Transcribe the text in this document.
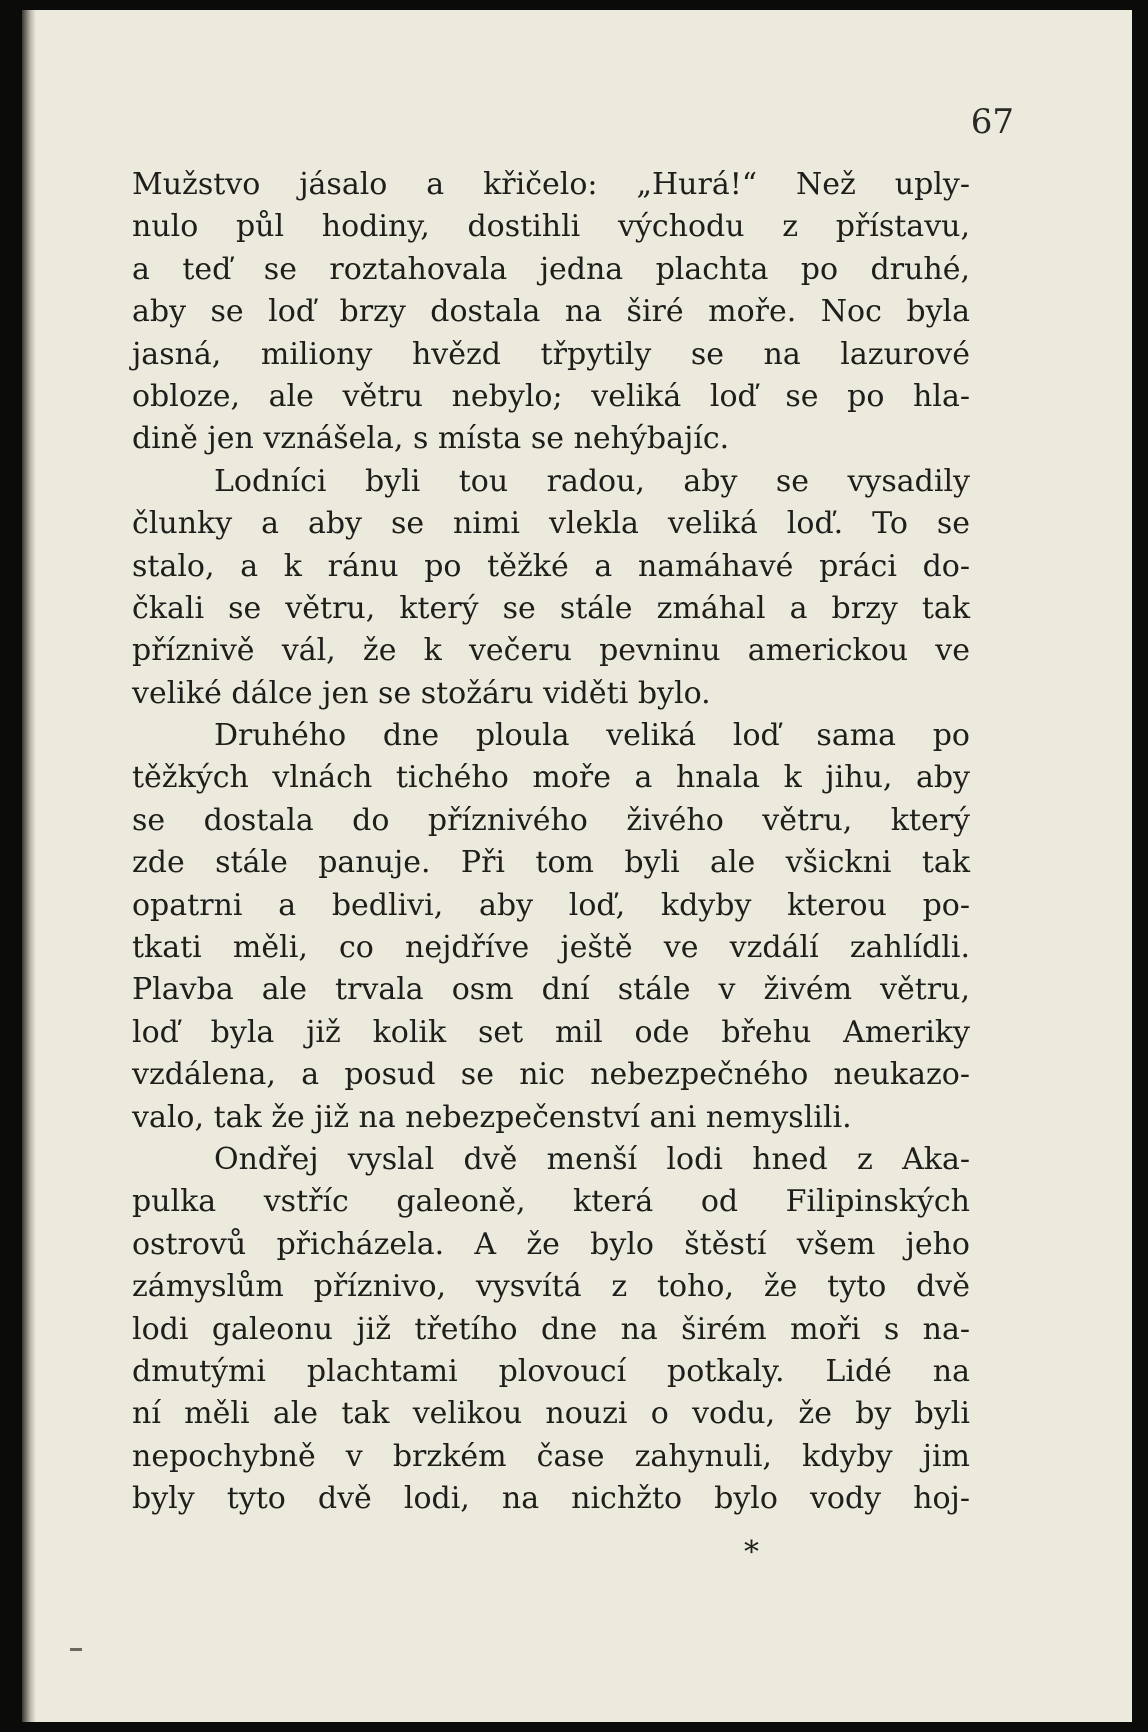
67
Mužstvo jásalo a křičelo: „Hurá!“ Než uply-
nulo půl hodiny, dostihli východu z přístavu,
a teď se roztahovala jedna plachta po druhé,
aby se loď brzy dostala na širé moře. Noc byla
jasná, miliony hvězd třpytily se na lazurové
obloze, ale větru nebylo; veliká loď se po hla-
dině jen vznášela, s místa se nehýbajíc.
Lodníci byli tou radou, aby se vysadily
člunky a aby se nimi vlekla veliká loď. To se
stalo, a k ránu po těžké a namáhavé práci do-
čkali se větru, který se stále zmáhal a brzy tak
příznivě vál, že k večeru pevninu americkou ve
veliké dálce jen se stožáru viděti bylo.
Druhého dne ploula veliká loď sama po
těžkých vlnách tichého moře a hnala k jihu, aby
se dostala do příznivého živého větru, který
zde stále panuje. Při tom byli ale všickni tak
opatrni a bedlivi, aby loď, kdyby kterou po-
tkati měli, co nejdříve ještě ve vzdálí zahlídli.
Plavba ale trvala osm dní stále v živém větru,
loď byla již kolik set mil ode břehu Ameriky
vzdálena, a posud se nic nebezpečného neukazo-
valo, tak že již na nebezpečenství ani nemyslili.
Ondřej vyslal dvě menší lodi hned z Aka-
pulka vstříc galeoně, která od Filipinských
ostrovů přicházela. A že bylo štěstí všem jeho
zámyslům příznivo, vysvítá z toho, že tyto dvě
lodi galeonu již třetího dne na širém moři s na-
dmutými plachtami plovoucí potkaly. Lidé na
ní měli ale tak velikou nouzi o vodu, že by byli
nepochybně v brzkém čase zahynuli, kdyby jim
byly tyto dvě lodi, na nichžto bylo vody hoj-
*
